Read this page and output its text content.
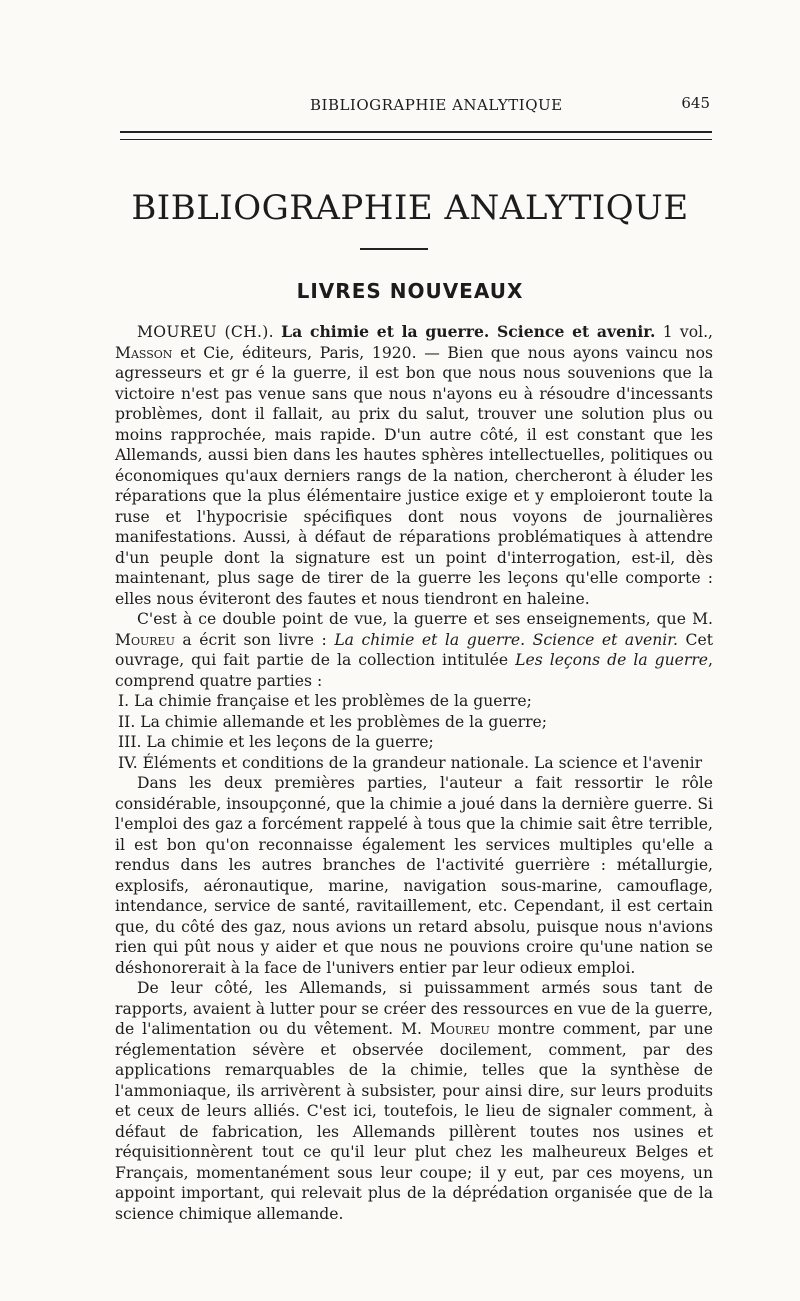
BIBLIOGRAPHIE ANALYTIQUE	645
BIBLIOGRAPHIE ANALYTIQUE
LIVRES NOUVEAUX

MOUREU (CH.). La chimie et la guerre. Science et avenir. 1 vol., Masson et Cie, éditeurs, Paris, 1920. — Bien que nous ayons vaincu nos agresseurs et gr é la guerre, il est bon que nous nous souvenions que la victoire n'est pas venue sans que nous n'ayons eu à résoudre d'incessants problèmes, dont il fallait, au prix du salut, trouver une solution plus ou moins rapprochée, mais rapide. D'un autre côté, il est constant que les Allemands, aussi bien dans les hautes sphères intellectuelles, politiques ou économiques qu'aux derniers rangs de la nation, chercheront à éluder les réparations que la plus élémentaire justice exige et y emploieront toute la ruse et l'hypocrisie spécifiques dont nous voyons de journalières manifestations. Aussi, à défaut de réparations problématiques à attendre d'un peuple dont la signature est un point d'interrogation, est-il, dès maintenant, plus sage de tirer de la guerre les leçons qu'elle comporte : elles nous éviteront des fautes et nous tiendront en haleine.

C'est à ce double point de vue, la guerre et ses enseignements, que M. Moureu a écrit son livre : La chimie et la guerre. Science et avenir. Cet ouvrage, qui fait partie de la collection intitulée Les leçons de la guerre, comprend quatre parties :

I. La chimie française et les problèmes de la guerre;

II. La chimie allemande et les problèmes de la guerre;

III. La chimie et les leçons de la guerre;

IV. Éléments et conditions de la grandeur nationale. La science et l'avenir

Dans les deux premières parties, l'auteur a fait ressortir le rôle considérable, insoupçonné, que la chimie a joué dans la dernière guerre. Si l'emploi des gaz a forcément rappelé à tous que la chimie sait être terrible, il est bon qu'on reconnaisse également les services multiples qu'elle a rendus dans les autres branches de l'activité guerrière : métallurgie, explosifs, aéronautique, marine, navigation sous-marine, camouflage, intendance, service de santé, ravitaillement, etc. Cependant, il est certain que, du côté des gaz, nous avions un retard absolu, puisque nous n'avions rien qui pût nous y aider et que nous ne pouvions croire qu'une nation se déshonorerait à la face de l'univers entier par leur odieux emploi.

De leur côté, les Allemands, si puissamment armés sous tant de rapports, avaient à lutter pour se créer des ressources en vue de la guerre, de l'alimentation ou du vêtement. M. Moureu montre comment, par une réglementation sévère et observée docilement, comment, par des applications remarquables de la chimie, telles que la synthèse de l'ammoniaque, ils arrivèrent à subsister, pour ainsi dire, sur leurs produits et ceux de leurs alliés. C'est ici, toutefois, le lieu de signaler comment, à défaut de fabrication, les Allemands pillèrent toutes nos usines et réquisitionnèrent tout ce qu'il leur plut chez les malheureux Belges et Français, momentanément sous leur coupe; il y eut, par ces moyens, un appoint important, qui relevait plus de la déprédation organisée que de la science chimique allemande.
